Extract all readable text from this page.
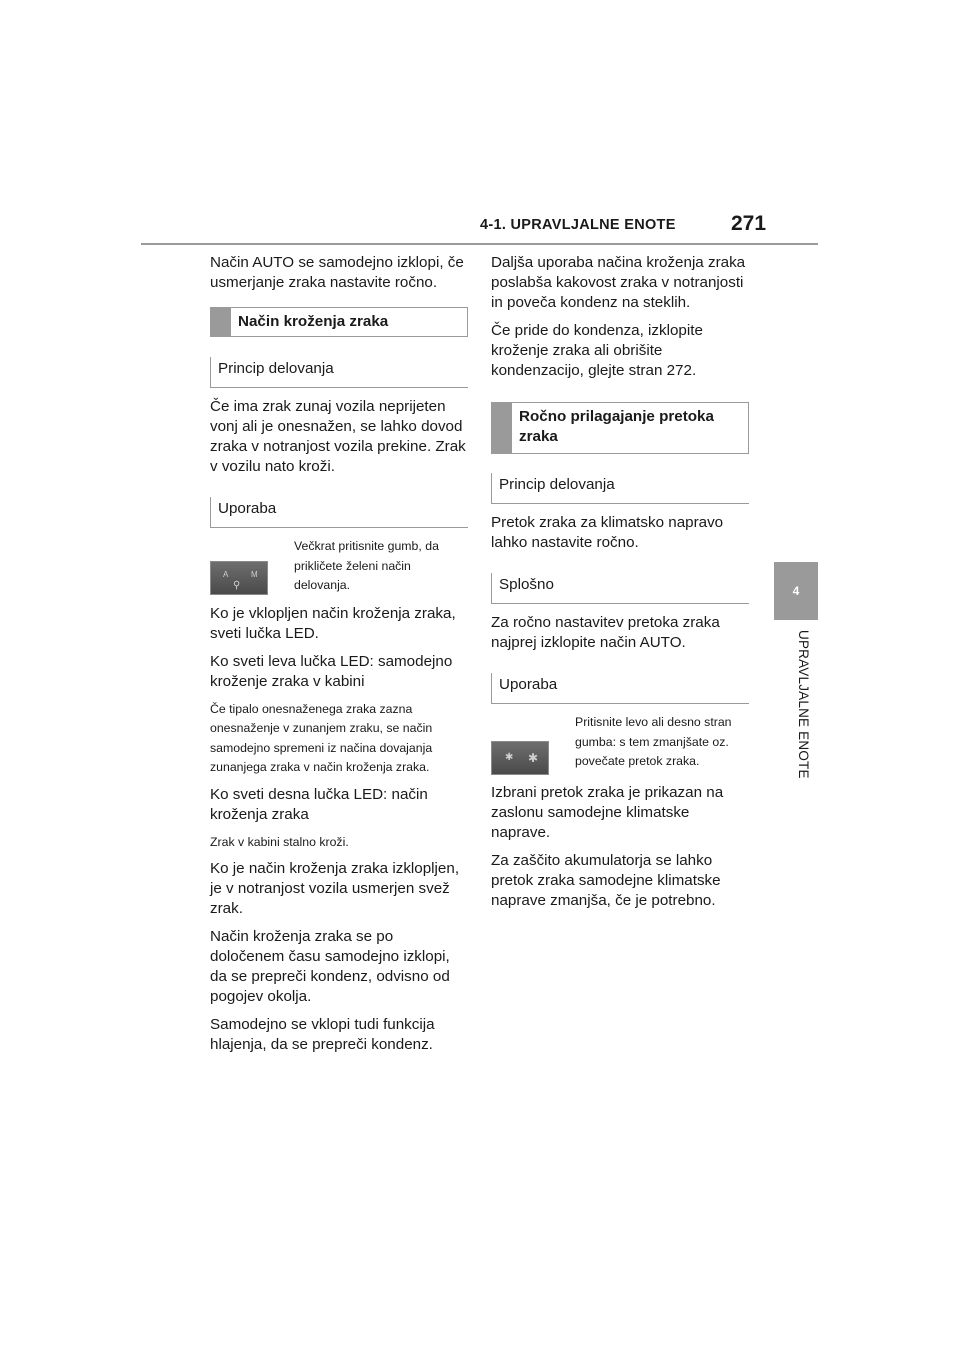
4-1. UPRAVLJALNE ENOTE	271
4
UPRAVLJALNE ENOTE

Način AUTO se samodejno izklopi, če usmerjanje zraka nastavite ročno.

Način kroženja zraka
Princip delovanja

Če ima zrak zunaj vozila neprijeten vonj ali je onesnažen, se lahko dovod zraka v notranjost vozila prekine. Zrak v vozilu nato kroži.

Uporaba
A	M
⚲

Večkrat pritisnite gumb, da prikličete želeni način delovanja.

Ko je vklopljen način kroženja zraka, sveti lučka LED.

Ko sveti leva lučka LED: samodejno kroženje zraka v kabini

Če tipalo onesnaženega zraka zazna onesnaženje v zunanjem zraku, se način samodejno spremeni iz načina dovajanja zunanjega zraka v način kroženja zraka.

Ko sveti desna lučka LED: način kroženja zraka

Zrak v kabini stalno kroži.

Ko je način kroženja zraka izklopljen, je v notranjost vozila usmerjen svež zrak.

Način kroženja zraka se po določenem času samodejno izklopi, da se prepreči kondenz, odvisno od pogojev okolja.

Samodejno se vklopi tudi funkcija hlajenja, da se prepreči kondenz.

Daljša uporaba načina kroženja zraka poslabša kakovost zraka v notranjosti in poveča kondenz na steklih.

Če pride do kondenza, izklopite kroženje zraka ali obrišite kondenzacijo, glejte stran 272.

Ročno prilagajanje pretoka zraka
Princip delovanja

Pretok zraka za klimatsko napravo lahko nastavite ročno.

Splošno

Za ročno nastavitev pretoka zraka najprej izklopite način AUTO.

Uporaba
✱ ✱

Pritisnite levo ali desno stran gumba: s tem zmanjšate oz. povečate pretok zraka.

Izbrani pretok zraka je prikazan na zaslonu samodejne klimatske naprave.

Za zaščito akumulatorja se lahko pretok zraka samodejne klimatske naprave zmanjša, če je potrebno.
